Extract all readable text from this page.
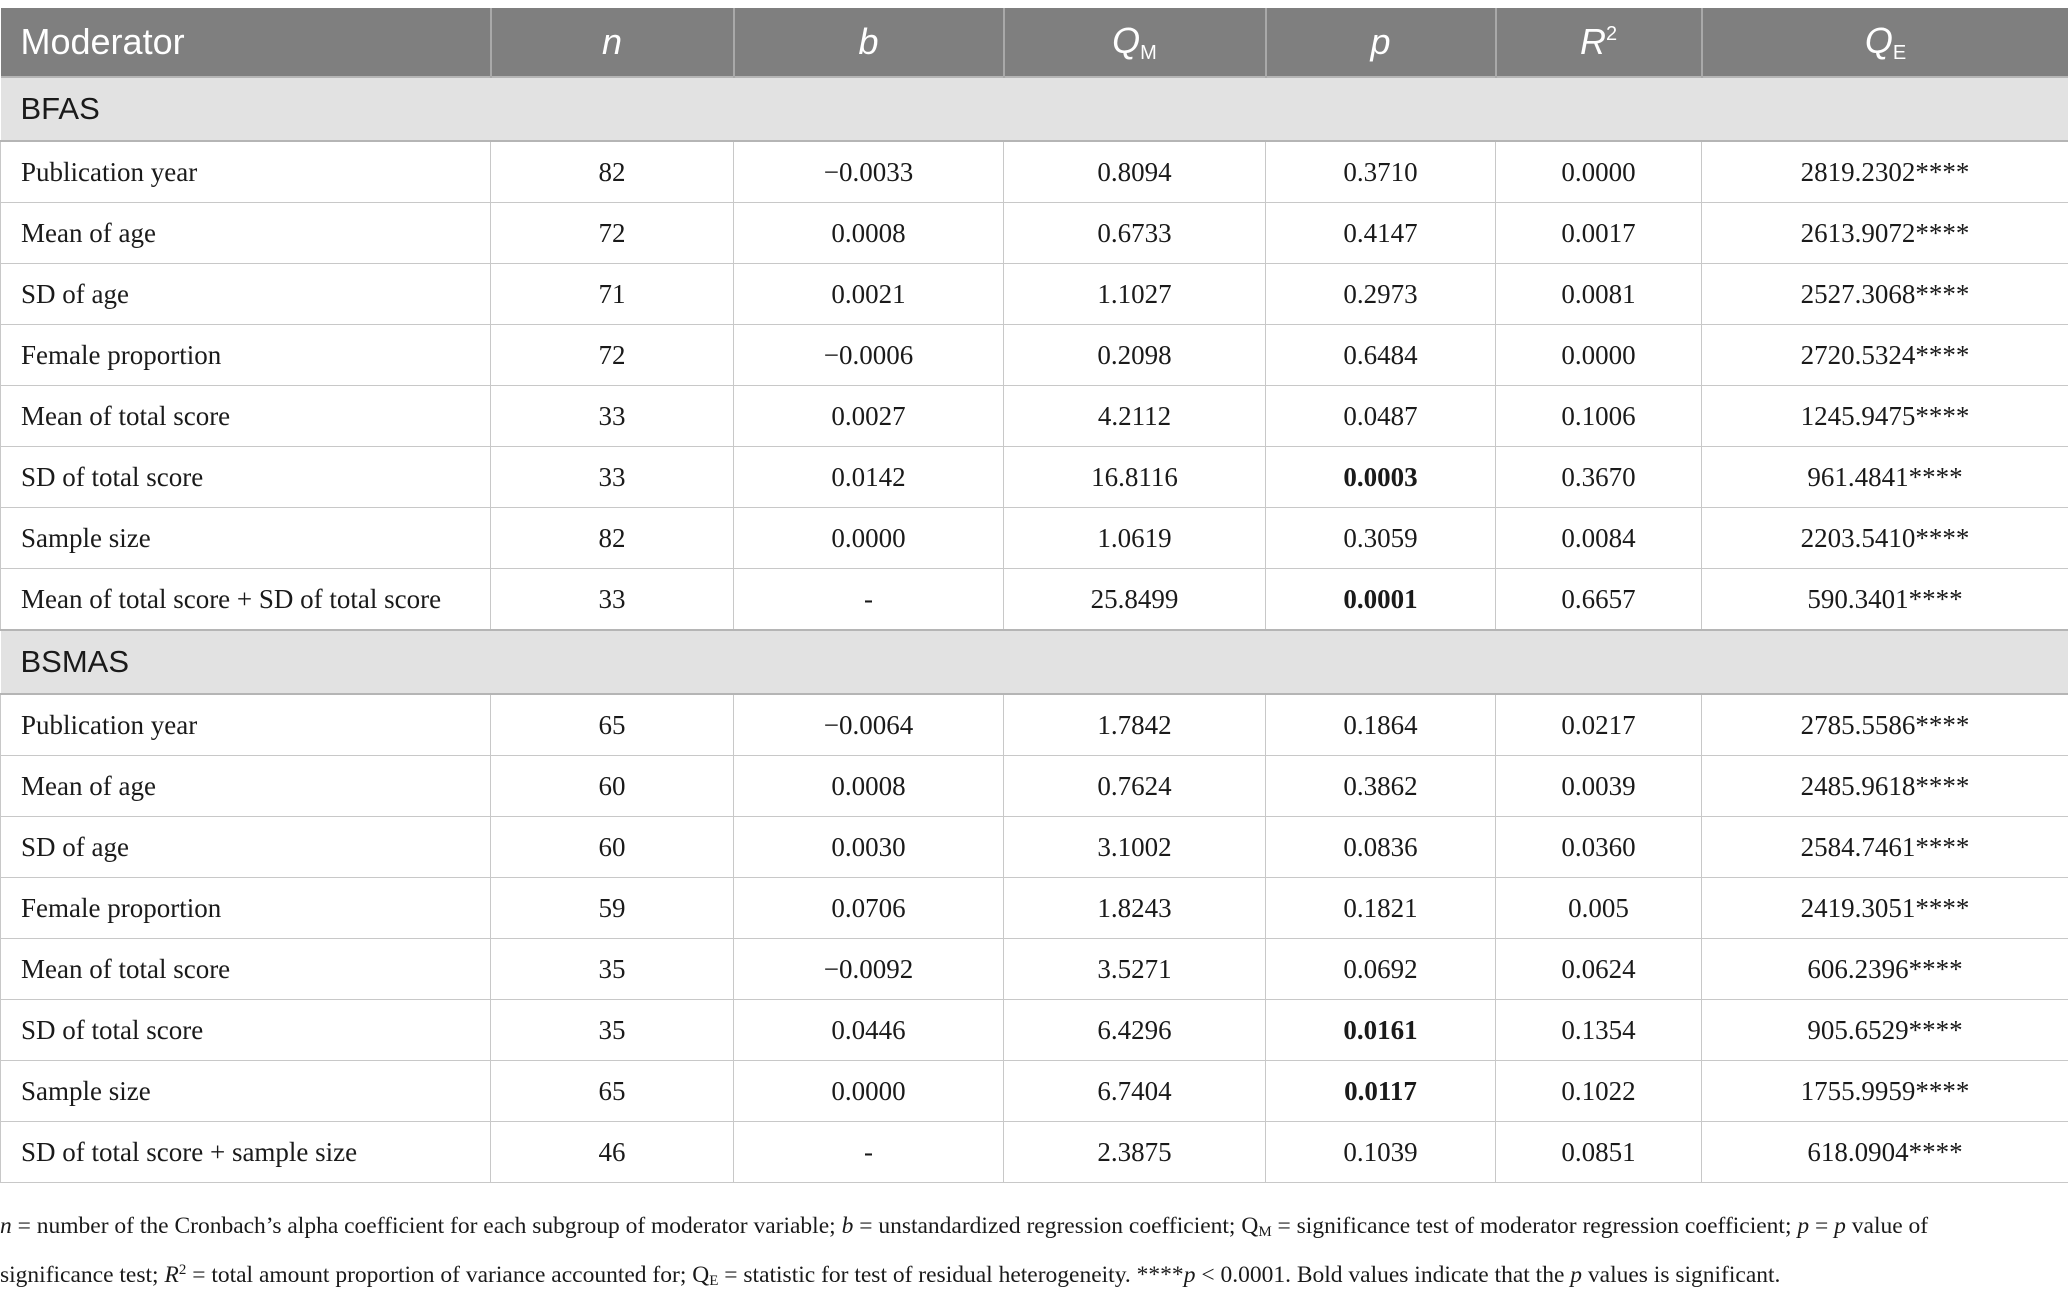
Moderator	n	b	$Q_M$	p	$R^2$	$Q_E$
BFAS						
Publication year	82	−0.0033	0.8094	0.3710	0.0000	2819.2302****
Mean of age	72	0.0008	0.6733	0.4147	0.0017	2613.9072****
SD of age	71	0.0021	1.1027	0.2973	0.0081	2527.3068****
Female proportion	72	−0.0006	0.2098	0.6484	0.0000	2720.5324****
Mean of total score	33	0.0027	4.2112	0.0487	0.1006	1245.9475****
SD of total score	33	0.0142	16.8116	0.0003	0.3670	961.4841****
Sample size	82	0.0000	1.0619	0.3059	0.0084	2203.5410****
Mean of total score + SD of total score	33	-	25.8499	0.0001	0.6657	590.3401****
BSMAS						
Publication year	65	−0.0064	1.7842	0.1864	0.0217	2785.5586****
Mean of age	60	0.0008	0.7624	0.3862	0.0039	2485.9618****
SD of age	60	0.0030	3.1002	0.0836	0.0360	2584.7461****
Female proportion	59	0.0706	1.8243	0.1821	0.005	2419.3051****
Mean of total score	35	−0.0092	3.5271	0.0692	0.0624	606.2396****
SD of total score	35	0.0446	6.4296	0.0161	0.1354	905.6529****
Sample size	65	0.0000	6.7404	0.0117	0.1022	1755.9959****
SD of total score + sample size	46	-	2.3875	0.1039	0.0851	618.0904****
n = number of the Cronbach’s alpha coefficient for each subgroup of moderator variable; b = unstandardized regression coefficient; $Q_M$ = significance test of moderator regression coefficient; p = p value of significance test; $R^2$ = total amount proportion of variance accounted for; $Q_E$ = statistic for test of residual heterogeneity. ****p < 0.0001. Bold values indicate that the p values is significant.
